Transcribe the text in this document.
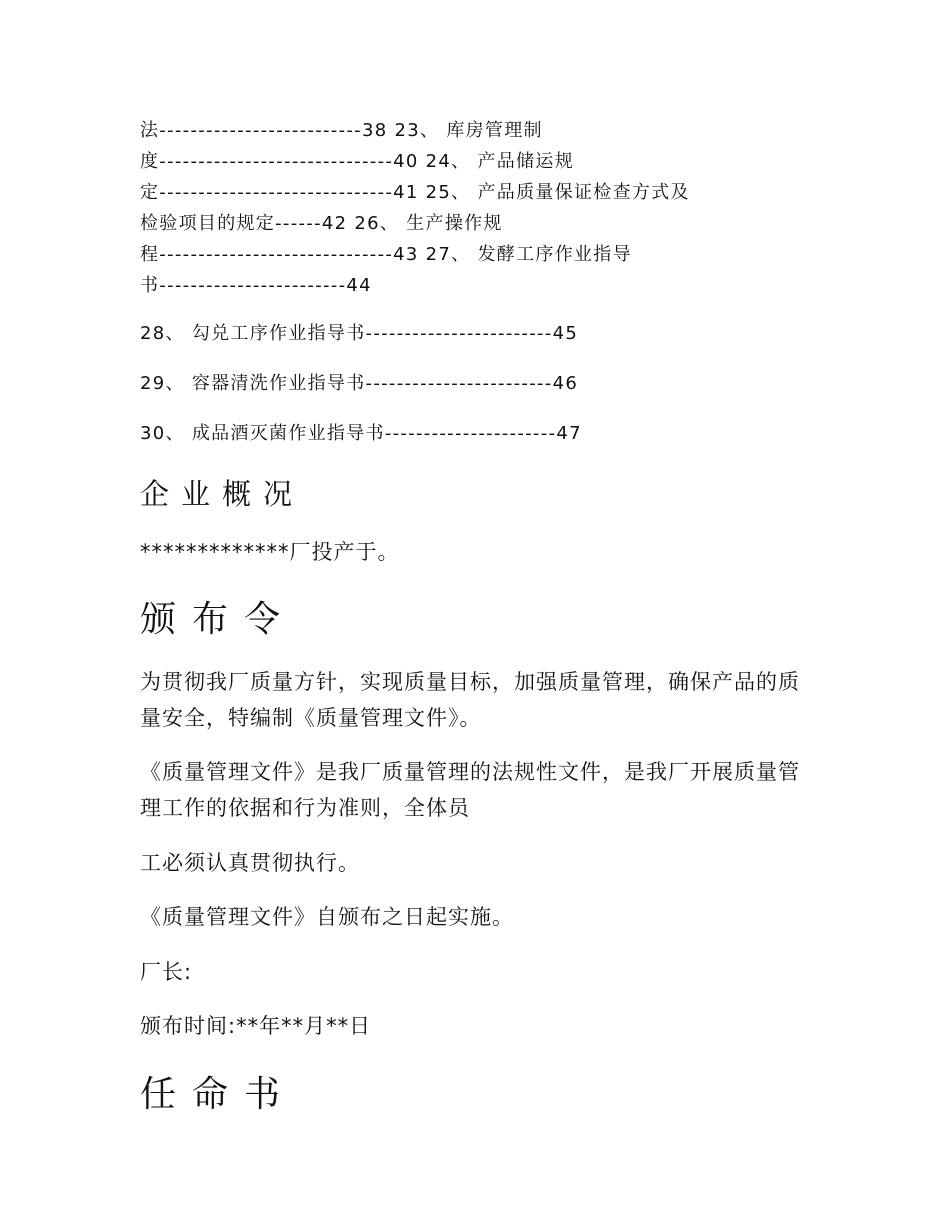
法--------------------------38 23、 库房管理制
度------------------------------40 24、 产品储运规
定------------------------------41 25、 产品质量保证检查方式及
检验项目的规定------42 26、 生产操作规
程------------------------------43 27、 发酵工序作业指导
书------------------------44
28、 勾兑工序作业指导书------------------------45
29、 容器清洗作业指导书------------------------46
30、 成品酒灭菌作业指导书----------------------47
企业概况

*************厂投产于。

颁布令

为贯彻我厂质量方针，实现质量目标，加强质量管理，确保产品的质量安全，特编制《质量管理文件》。

《质量管理文件》是我厂质量管理的法规性文件，是我厂开展质量管理工作的依据和行为准则，全体员

工必须认真贯彻执行。

《质量管理文件》自颁布之日起实施。

厂长:

颁布时间:**年**月**日

任命书
